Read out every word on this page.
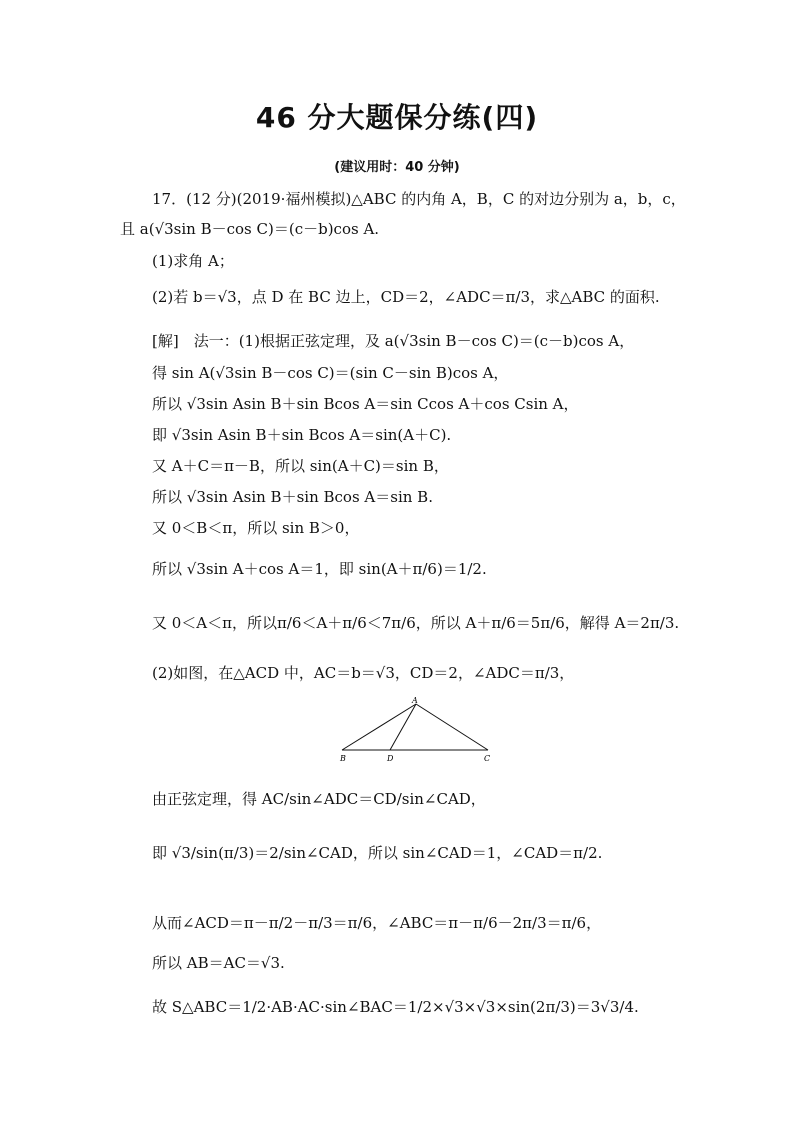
46 分大题保分练(四)
(建议用时：40 分钟)
17．(12 分)(2019·福州模拟)△ABC 的内角 A，B，C 的对边分别为 a，b，c，
且 a(√3sin B－cos C)＝(c－b)cos A.
(1)求角 A；
(2)若 b＝√3，点 D 在 BC 边上，CD＝2，∠ADC＝π/3，求△ABC 的面积.
[解]　法一：(1)根据正弦定理，及 a(√3sin B－cos C)＝(c－b)cos A，
得 sin A(√3sin B－cos C)＝(sin C－sin B)cos A，
所以 √3sin Asin B＋sin Bcos A＝sin Ccos A＋cos Csin A，
即 √3sin Asin B＋sin Bcos A＝sin(A＋C).
又 A＋C＝π－B，所以 sin(A＋C)＝sin B，
所以 √3sin Asin B＋sin Bcos A＝sin B.
又 0＜B＜π，所以 sin B＞0，
所以 √3sin A＋cos A＝1，即 sin(A＋π/6)＝1/2.
又 0＜A＜π，所以π/6＜A＋π/6＜7π/6，所以 A＋π/6＝5π/6，解得 A＝2π/3.
(2)如图，在△ACD 中，AC＝b＝√3，CD＝2，∠ADC＝π/3，
A
B	D	C
由正弦定理，得 AC/sin∠ADC＝CD/sin∠CAD，
即 √3/sin(π/3)＝2/sin∠CAD，所以 sin∠CAD＝1，∠CAD＝π/2.
从而∠ACD＝π－π/2－π/3＝π/6，∠ABC＝π－π/6－2π/3＝π/6，
所以 AB＝AC＝√3.
故 S△ABC＝1/2·AB·AC·sin∠BAC＝1/2×√3×√3×sin(2π/3)＝3√3/4.
